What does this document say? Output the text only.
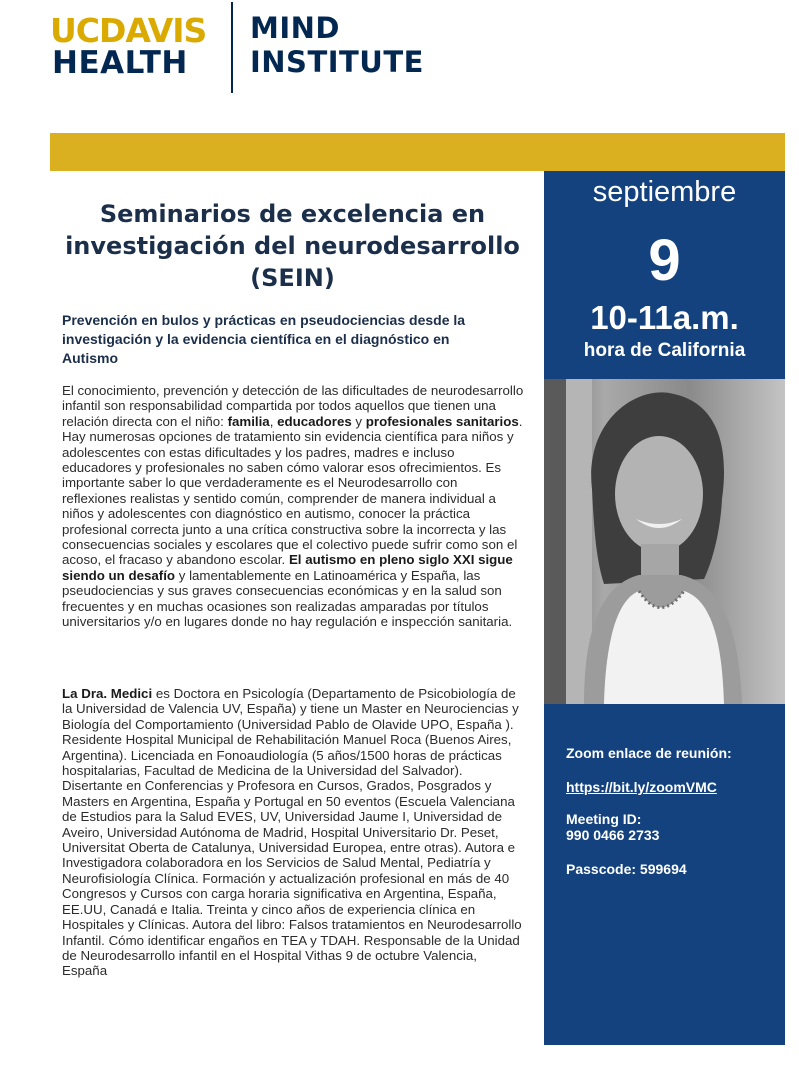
UCDAVIS
HEALTH
MIND
INSTITUTE
septiembre
9
10-11a.m.
hora de California
Zoom enlace de reunión:
https://bit.ly/zoomVMC
Meeting ID:
990 0466 2733
Passcode: 599694
Seminarios de excelencia en investigación del neurodesarrollo (SEIN)
Prevención en bulos y prácticas en pseudociencias desde la investigación y la evidencia científica en el diagnóstico en Autismo
El conocimiento, prevención y detección de las dificultades de neurodesarrollo infantil son responsabilidad compartida por todos aquellos que tienen una relación directa con el niño: familia, educadores y profesionales sanitarios. Hay numerosas opciones de tratamiento sin evidencia científica para niños y adolescentes con estas dificultades y los padres, madres e incluso educadores y profesionales no saben cómo valorar esos ofrecimientos. Es importante saber lo que verdaderamente es el Neurodesarrollo con reflexiones realistas y sentido común, comprender de manera individual a niños y adolescentes con diagnóstico en autismo, conocer la práctica profesional correcta junto a una crítica constructiva sobre la incorrecta y las consecuencias sociales y escolares que el colectivo puede sufrir como son el acoso, el fracaso y abandono escolar. El autismo en pleno siglo XXI sigue siendo un desafío y lamentablemente en Latinoamérica y España, las pseudociencias y sus graves consecuencias económicas y en la salud son frecuentes y en muchas ocasiones son realizadas amparadas por títulos universitarios y/o en lugares donde no hay regulación e inspección sanitaria.
La Dra. Medici es Doctora en Psicología (Departamento de Psicobiología de la Universidad de Valencia UV, España) y tiene un Master en Neurociencias y Biología del Comportamiento (Universidad Pablo de Olavide UPO, España ). Residente Hospital Municipal de Rehabilitación Manuel Roca (Buenos Aires, Argentina). Licenciada en Fonoaudiología (5 años/1500 horas de prácticas hospitalarias, Facultad de Medicina de la Universidad del Salvador). Disertante en Conferencias y Profesora en Cursos, Grados, Posgrados y Masters en Argentina, España y Portugal en 50 eventos (Escuela Valenciana de Estudios para la Salud EVES, UV, Universidad Jaume I, Universidad de Aveiro, Universidad Autónoma de Madrid, Hospital Universitario Dr. Peset, Universitat Oberta de Catalunya, Universidad Europea, entre otras). Autora e Investigadora colaboradora en los Servicios de Salud Mental, Pediatría y Neurofisiología Clínica. Formación y actualización profesional en más de 40 Congresos y Cursos con carga horaria significativa en Argentina, España, EE.UU, Canadá e Italia. Treinta y cinco años de experiencia clínica en Hospitales y Clínicas. Autora del libro: Falsos tratamientos en Neurodesarrollo Infantil. Cómo identificar engaños en TEA y TDAH. Responsable de la Unidad de Neurodesarrollo infantil en el Hospital Vithas 9 de octubre Valencia, España
